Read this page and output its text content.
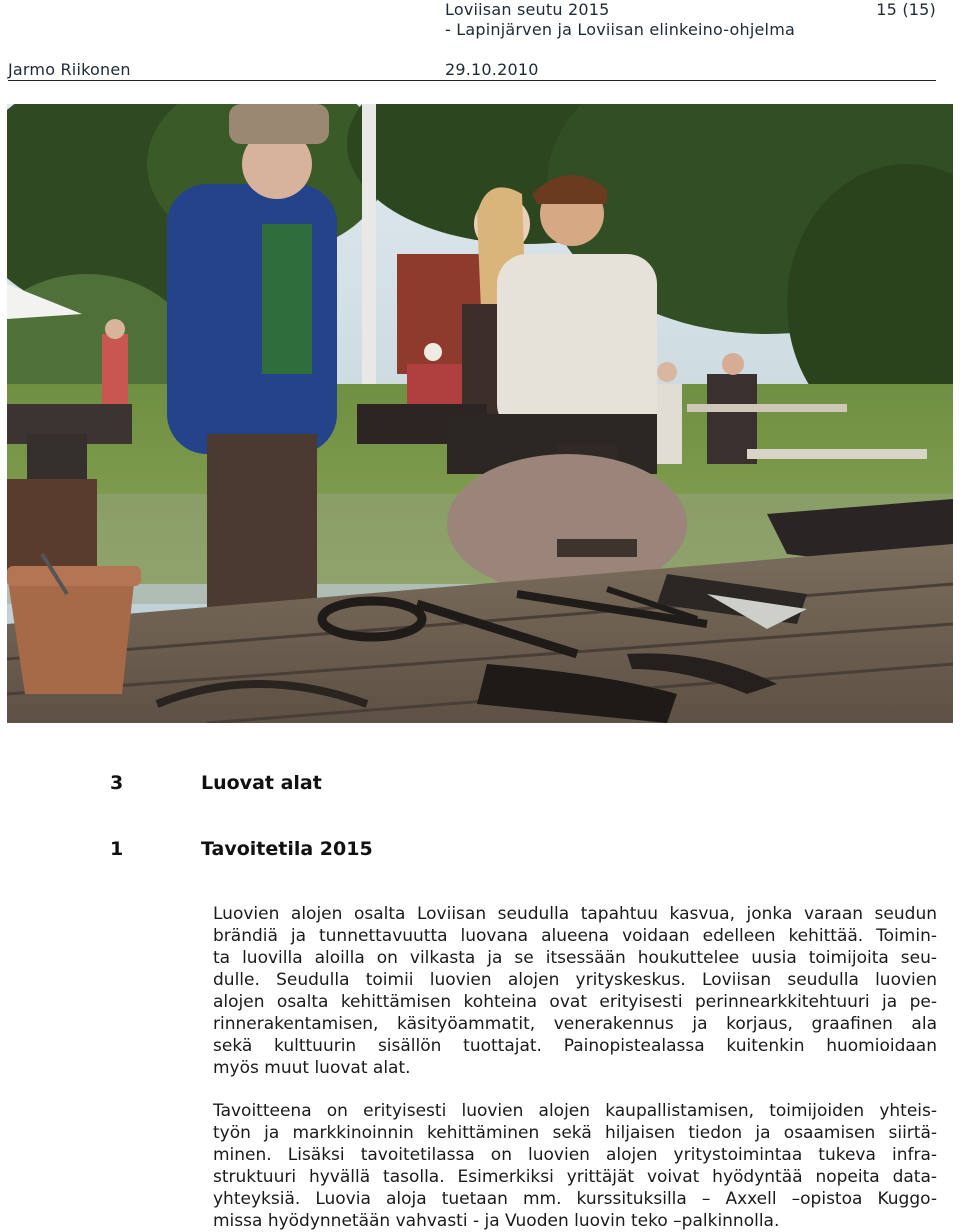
Loviisan seutu 2015
- Lapinjärven ja Loviisan elinkeino-ohjelma
15 (15)
Jarmo Riikonen	29.10.2010
3	Luovat alat
1	Tavoitetila 2015
Luovien alojen osalta Loviisan seudulla tapahtuu kasvua, jonka varaan seudun
brändiä ja tunnettavuutta luovana alueena voidaan edelleen kehittää. Toimin-
ta luovilla aloilla on vilkasta ja se itsessään houkuttelee uusia toimijoita seu-
dulle. Seudulla toimii luovien alojen yrityskeskus. Loviisan seudulla luovien
alojen osalta kehittämisen kohteina ovat erityisesti perinnearkkitehtuuri ja pe-
rinnerakentamisen, käsityöammatit, venerakennus ja korjaus, graafinen ala
sekä kulttuurin sisällön tuottajat. Painopistealassa kuitenkin huomioidaan
myös muut luovat alat.
Tavoitteena on erityisesti luovien alojen kaupallistamisen, toimijoiden yhteis-
työn ja markkinoinnin kehittäminen sekä hiljaisen tiedon ja osaamisen siirtä-
minen. Lisäksi tavoitetilassa on luovien alojen yritystoimintaa tukeva infra-
struktuuri hyvällä tasolla. Esimerkiksi yrittäjät voivat hyödyntää nopeita data-
yhteyksiä. Luovia aloja tuetaan mm. kurssituksilla – Axxell –opistoa Kuggo-
missa hyödynnetään vahvasti - ja Vuoden luovin teko –palkinnolla.
